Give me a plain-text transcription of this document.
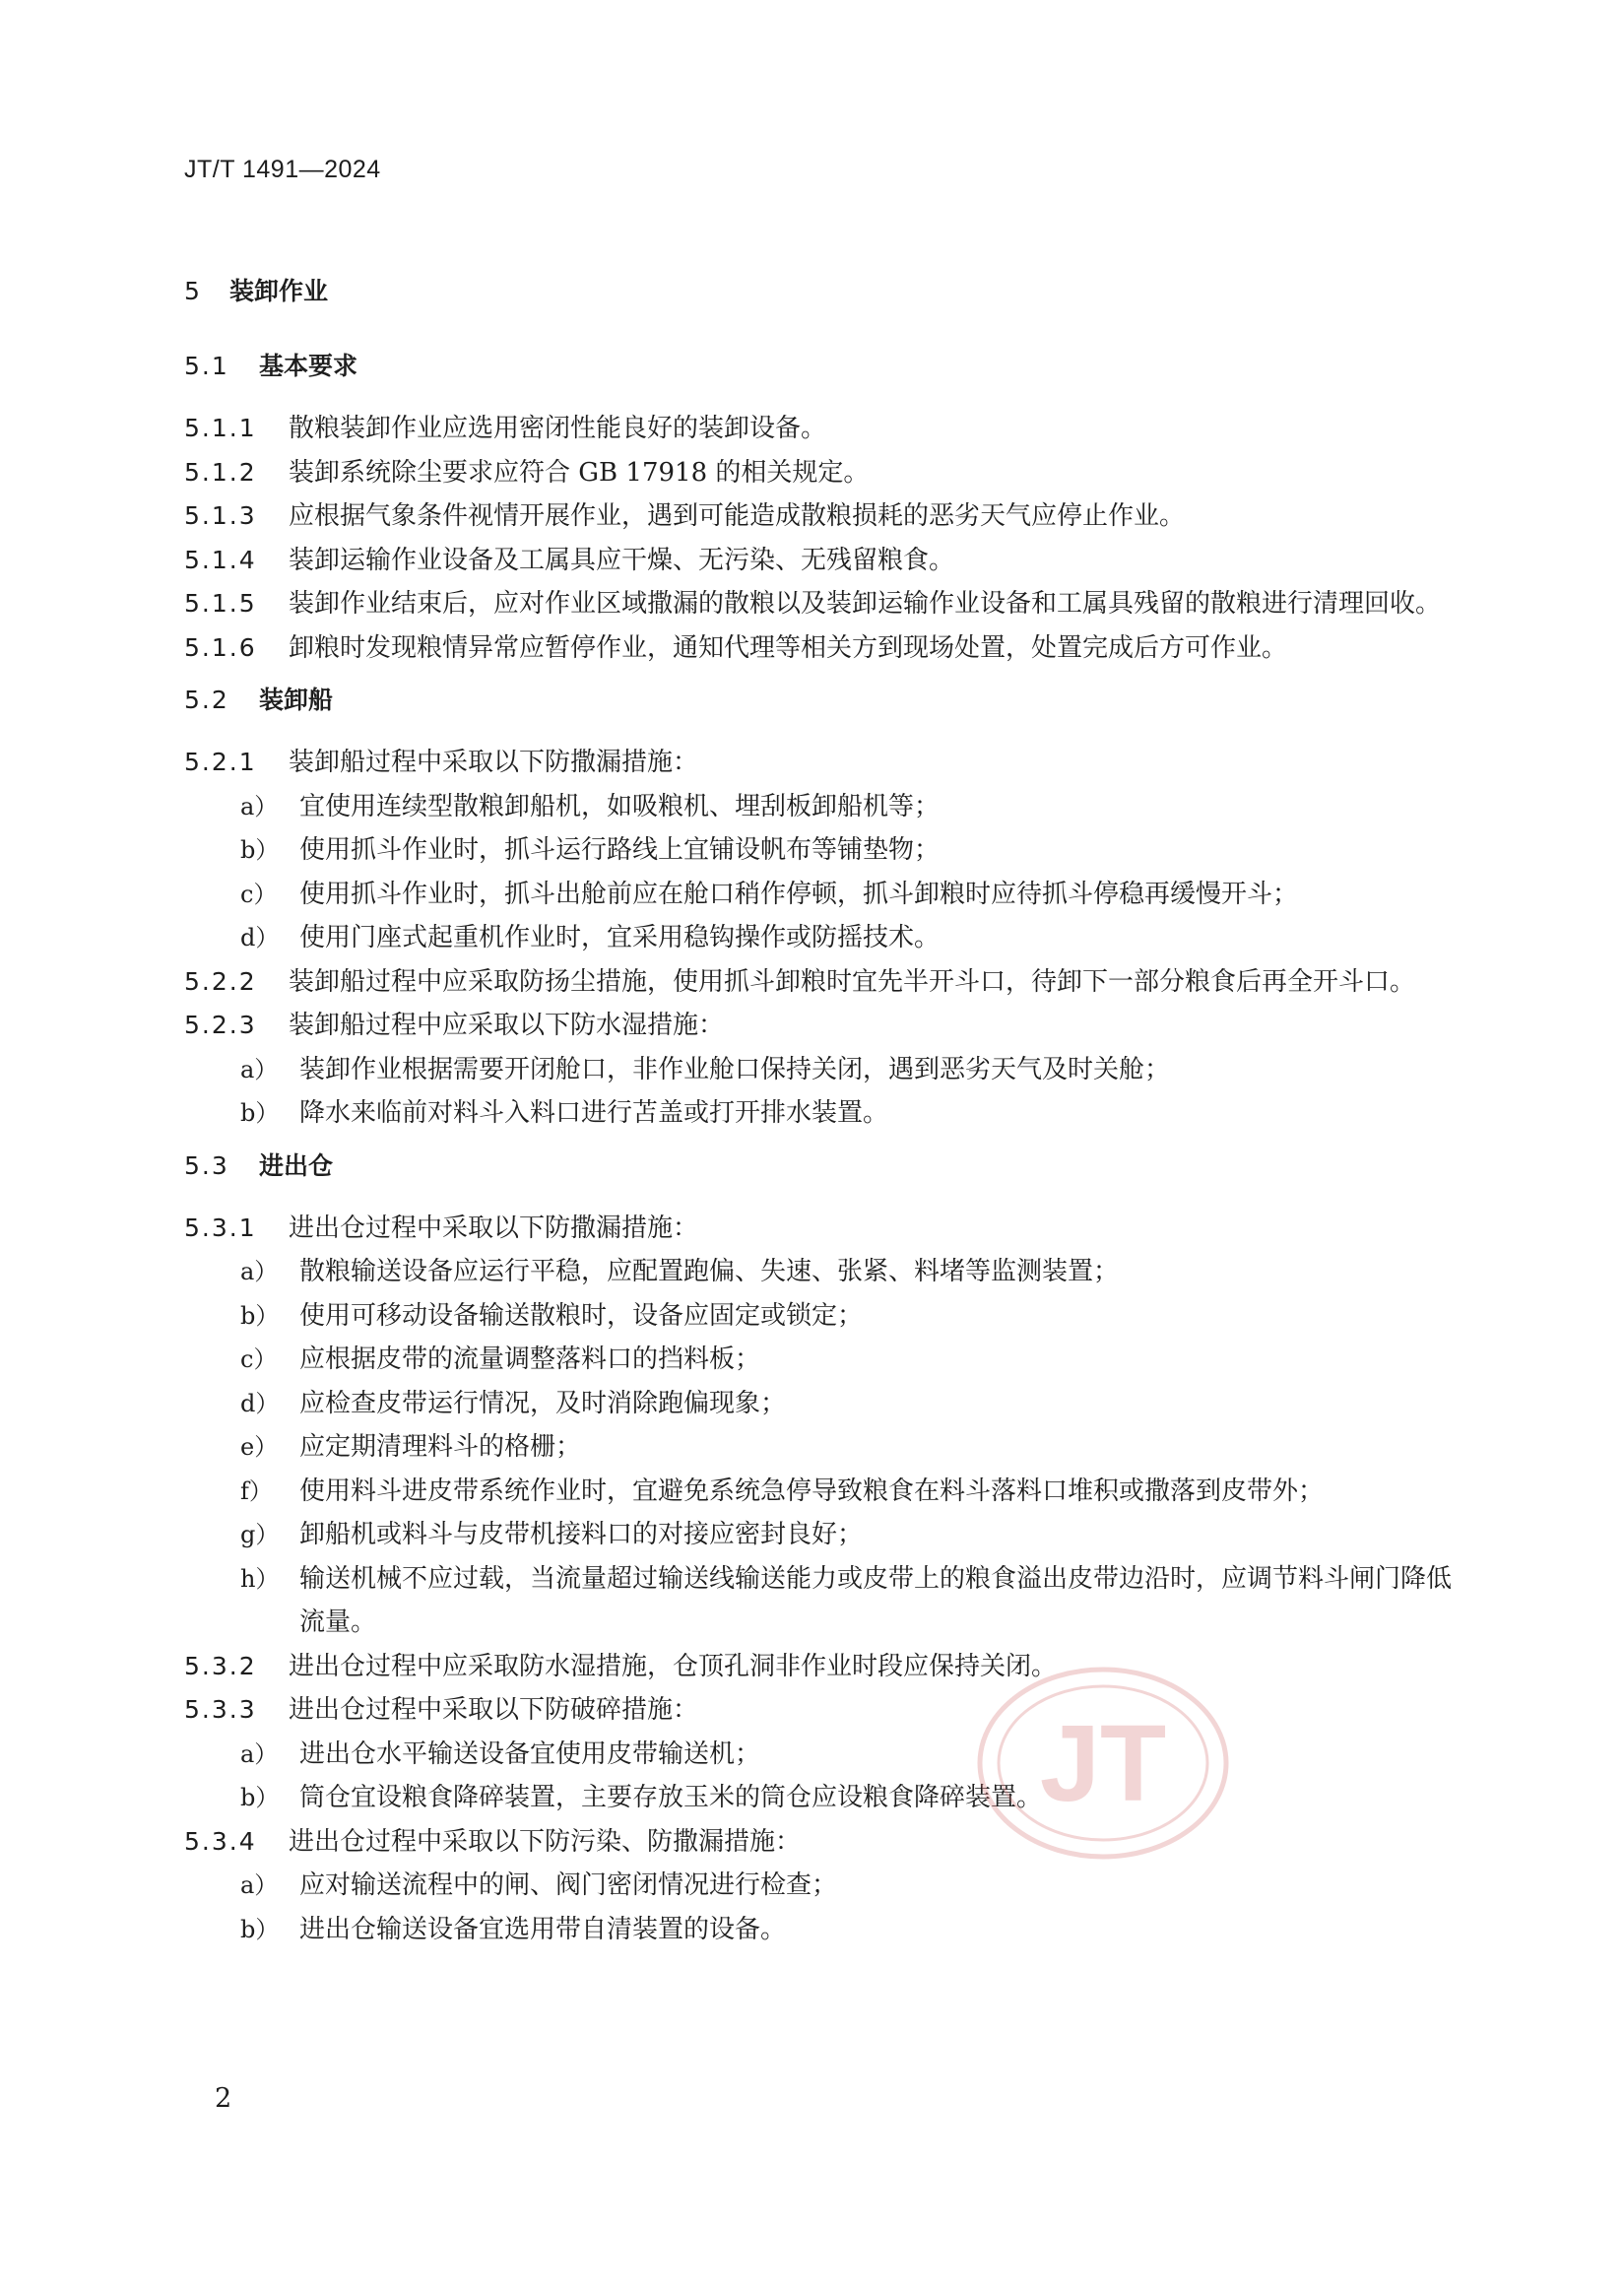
JT/T 1491—2024
5 装卸作业
5.1 基本要求
5.1.1 散粮装卸作业应选用密闭性能良好的装卸设备。
5.1.2 装卸系统除尘要求应符合 GB 17918 的相关规定。
5.1.3 应根据气象条件视情开展作业，遇到可能造成散粮损耗的恶劣天气应停止作业。
5.1.4 装卸运输作业设备及工属具应干燥、无污染、无残留粮食。
5.1.5 装卸作业结束后，应对作业区域撒漏的散粮以及装卸运输作业设备和工属具残留的散粮进行清理回收。
5.1.6 卸粮时发现粮情异常应暂停作业，通知代理等相关方到现场处置，处置完成后方可作业。
5.2 装卸船
5.2.1 装卸船过程中采取以下防撒漏措施：
a） 宜使用连续型散粮卸船机，如吸粮机、埋刮板卸船机等；
b） 使用抓斗作业时，抓斗运行路线上宜铺设帆布等铺垫物；
c） 使用抓斗作业时，抓斗出舱前应在舱口稍作停顿，抓斗卸粮时应待抓斗停稳再缓慢开斗；
d） 使用门座式起重机作业时，宜采用稳钩操作或防摇技术。
5.2.2 装卸船过程中应采取防扬尘措施，使用抓斗卸粮时宜先半开斗口，待卸下一部分粮食后再全开斗口。
5.2.3 装卸船过程中应采取以下防水湿措施：
a） 装卸作业根据需要开闭舱口，非作业舱口保持关闭，遇到恶劣天气及时关舱；
b） 降水来临前对料斗入料口进行苫盖或打开排水装置。
5.3 进出仓
5.3.1 进出仓过程中采取以下防撒漏措施：
a） 散粮输送设备应运行平稳，应配置跑偏、失速、张紧、料堵等监测装置；
b） 使用可移动设备输送散粮时，设备应固定或锁定；
c） 应根据皮带的流量调整落料口的挡料板；
d） 应检查皮带运行情况，及时消除跑偏现象；
e） 应定期清理料斗的格栅；
f） 使用料斗进皮带系统作业时，宜避免系统急停导致粮食在料斗落料口堆积或撒落到皮带外；
g） 卸船机或料斗与皮带机接料口的对接应密封良好；
h） 输送机械不应过载，当流量超过输送线输送能力或皮带上的粮食溢出皮带边沿时，应调节料斗闸门降低流量。
5.3.2 进出仓过程中应采取防水湿措施，仓顶孔洞非作业时段应保持关闭。
5.3.3 进出仓过程中采取以下防破碎措施：
a） 进出仓水平输送设备宜使用皮带输送机；
b） 筒仓宜设粮食降碎装置，主要存放玉米的筒仓应设粮食降碎装置。
5.3.4 进出仓过程中采取以下防污染、防撒漏措施：
a） 应对输送流程中的闸、阀门密闭情况进行检查；
b） 进出仓输送设备宜选用带自清装置的设备。
JT
2
